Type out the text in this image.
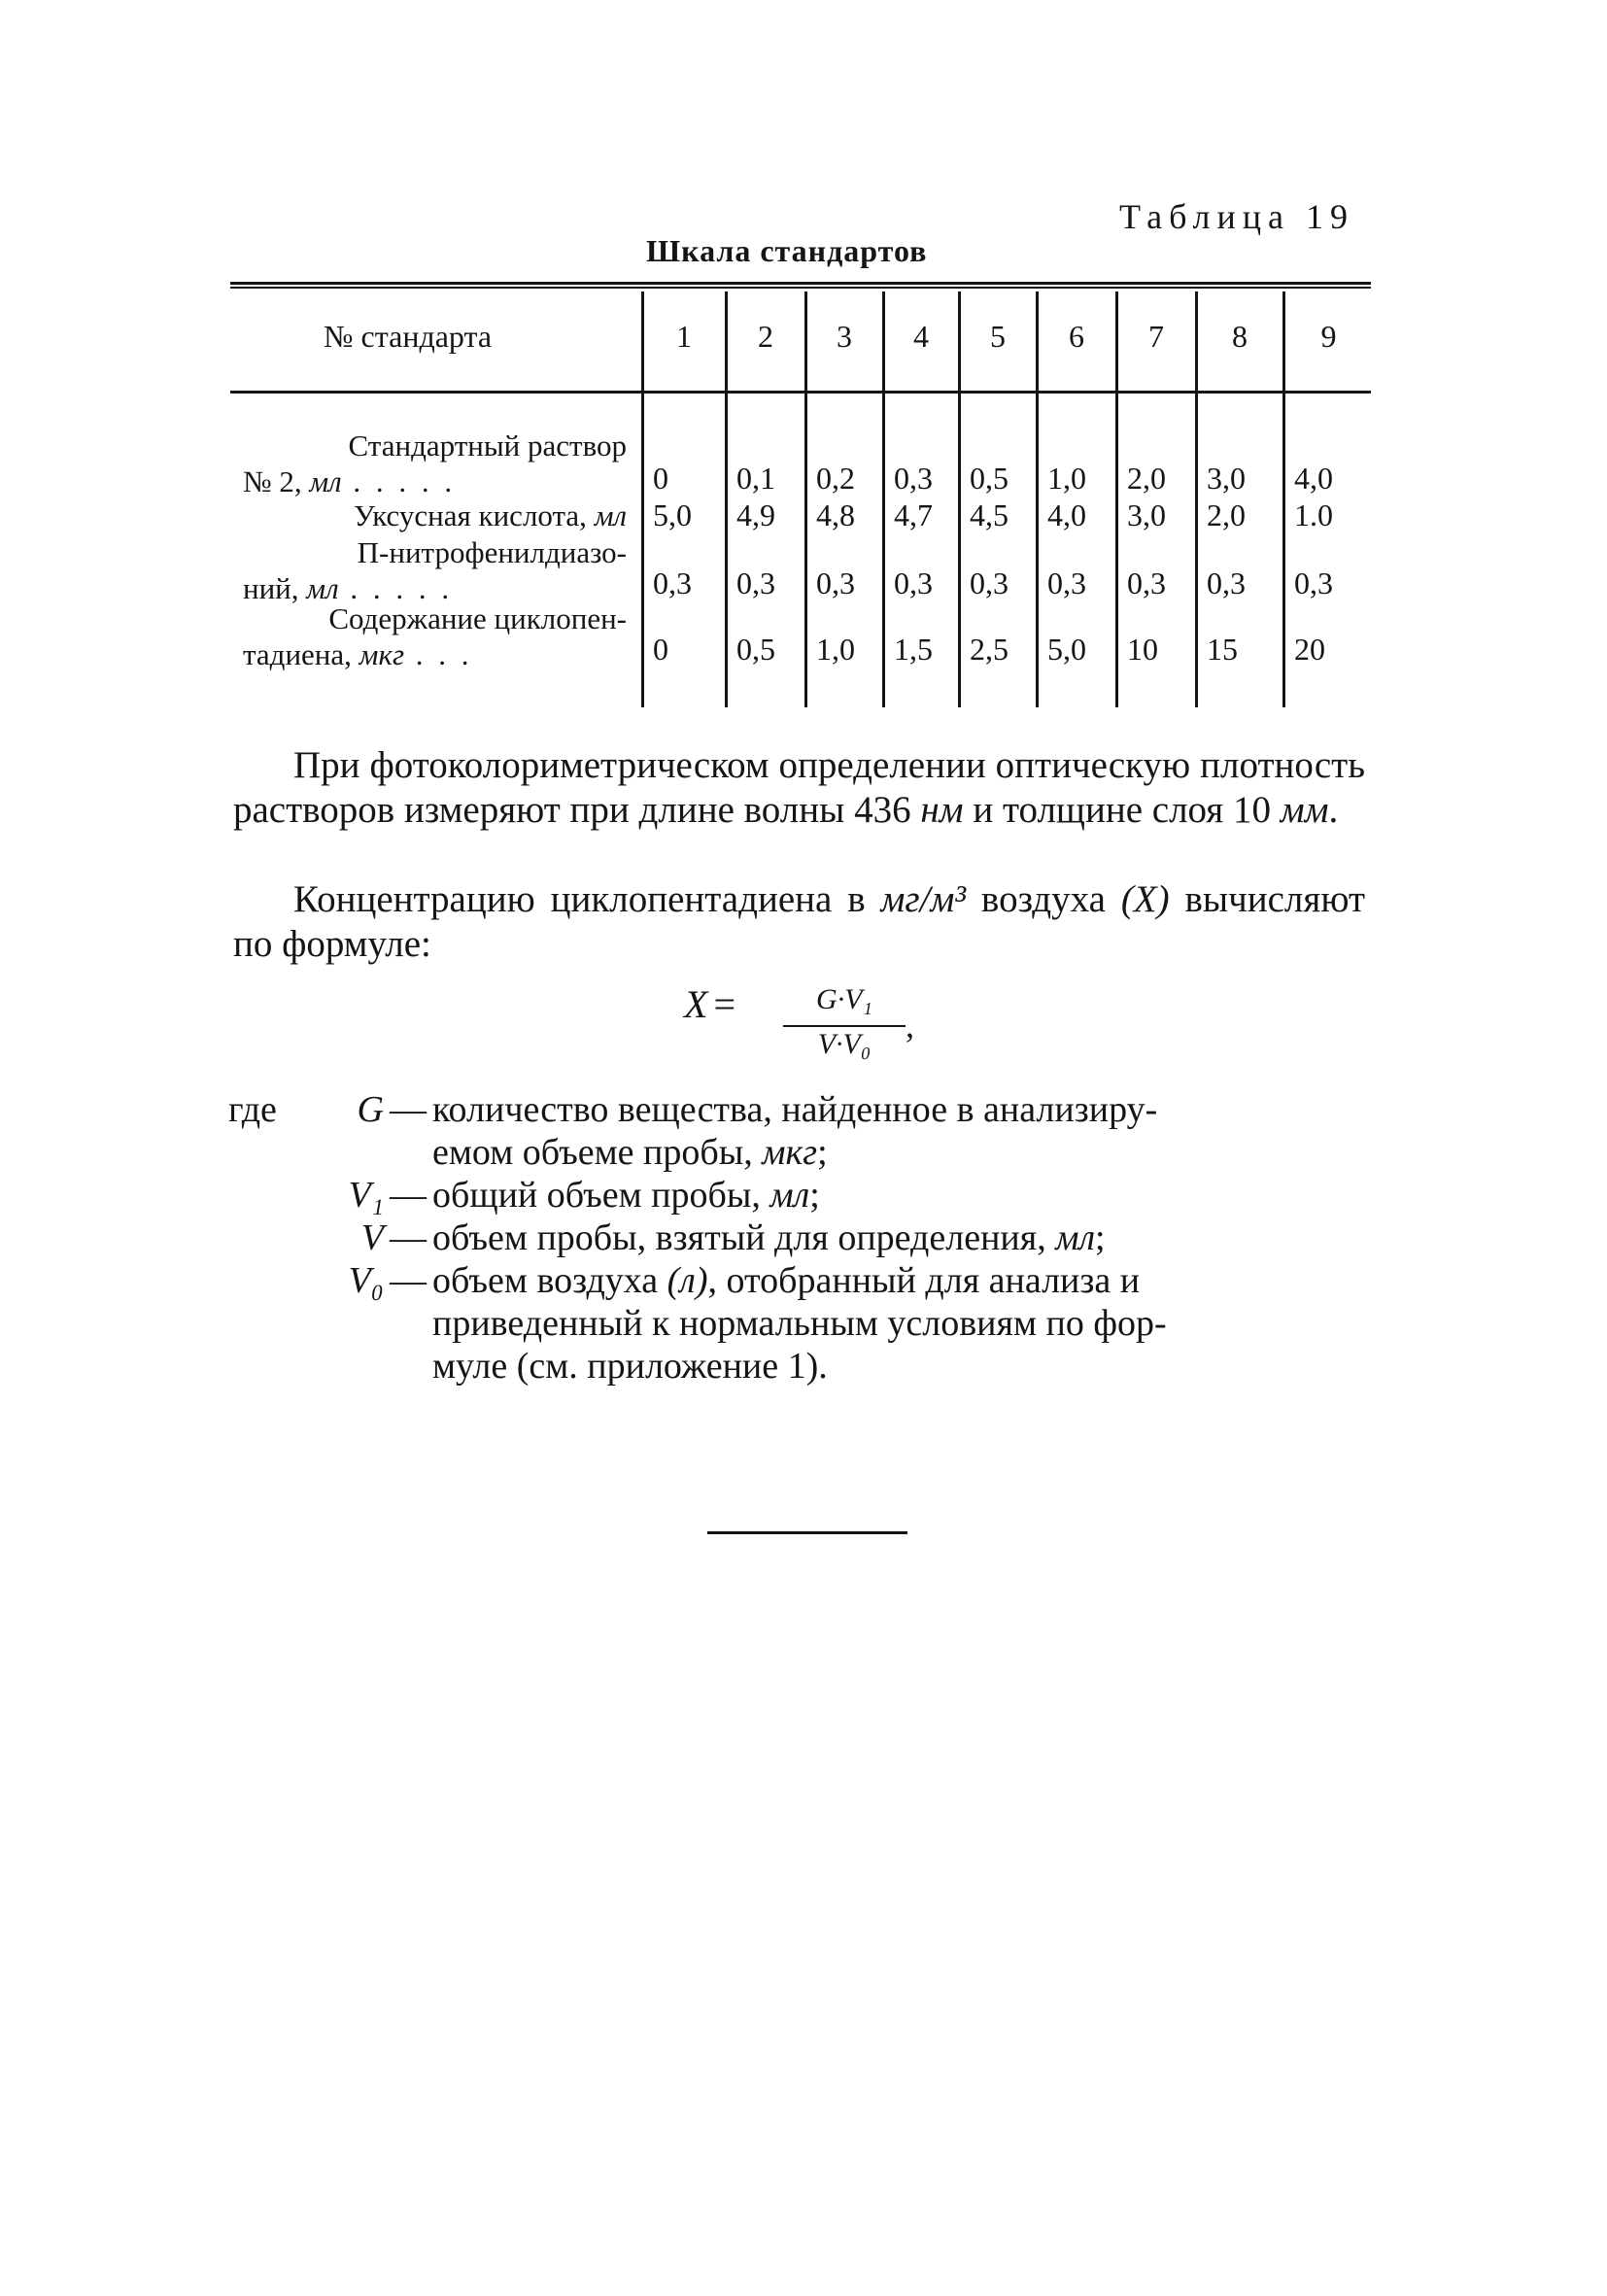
Таблица 19
Шкала стандартов
№ стандарта	1 2 3 4 5 6 7 8 9
Стандартный раствор
№ 2, мл . . . . .	0 0,1 0,2 0,3 0,5 1,0 2,0 3,0 4,0
Уксусная кислота, мл 5,0 4,9 4,8 4,7 4,5 4,0 3,0 2,0 1.0
П-нитрофенилдиазо-
ний, мл . . . . .	0,3 0,3 0,3 0,3 0,3 0,3 0,3 0,3 0,3
Содержание циклопен-
тадиена, мкг . . .	0 0,5 1,0 1,5 2,5 5,0 10 15 20
При фотоколориметрическом определении оптическую плотность растворов измеряют при длине волны 436 нм и толщине слоя 10 мм.
Концентрацию циклопентадиена в мг/м³ воздуха (X) вычисляют по формуле:
X =	G·V₁
V·V₀ ,
где	G — количество вещества, найденное в анализиру-
емом объеме пробы, мкг;
V₁ — общий объем пробы, мл;
V — объем пробы, взятый для определения, мл;
V₀ — объем воздуха (л), отобранный для анализа и
приведенный к нормальным условиям по фор-
муле (см. приложение 1).
